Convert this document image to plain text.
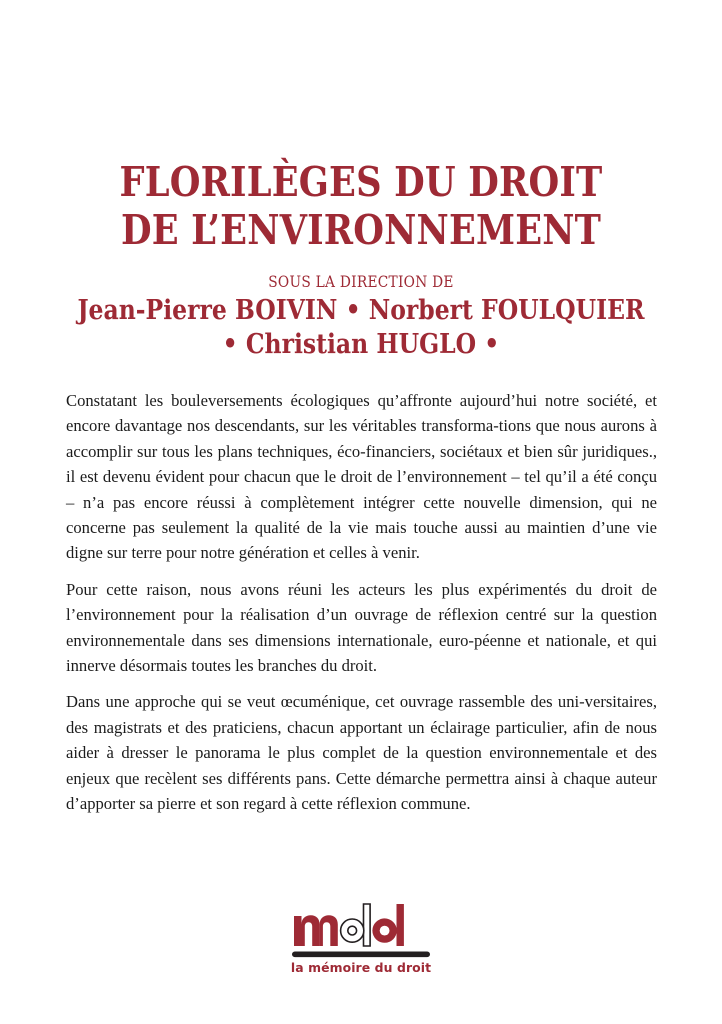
FLORILÈGES DU DROIT
DE L’ENVIRONNEMENT
SOUS LA DIRECTION DE
Jean-Pierre BOIVIN • Norbert FOULQUIER
• Christian HUGLO •

Constatant les bouleversements écologiques qu’affronte aujourd’hui notre société, et encore davantage nos descendants, sur les véritables transforma-tions que nous aurons à accomplir sur tous les plans techniques, éco-financiers, sociétaux et bien sûr juridiques., il est devenu évident pour chacun que le droit de l’environnement – tel qu’il a été conçu – n’a pas encore réussi à complètement intégrer cette nouvelle dimension, qui ne concerne pas seulement la qualité de la vie mais touche aussi au maintien d’une vie digne sur terre pour notre génération et celles à venir.

Pour cette raison, nous avons réuni les acteurs les plus expérimentés du droit de l’environnement pour la réalisation d’un ouvrage de réflexion centré sur la question environnementale dans ses dimensions internationale, euro-péenne et nationale, et qui innerve désormais toutes les branches du droit.

Dans une approche qui se veut œcuménique, cet ouvrage rassemble des uni-versitaires, des magistrats et des praticiens, chacun apportant un éclairage particulier, afin de nous aider à dresser le panorama le plus complet de la question environnementale et des enjeux que recèlent ses différents pans. Cette démarche permettra ainsi à chaque auteur d’apporter sa pierre et son regard à cette réflexion commune.

la mémoire du droit
